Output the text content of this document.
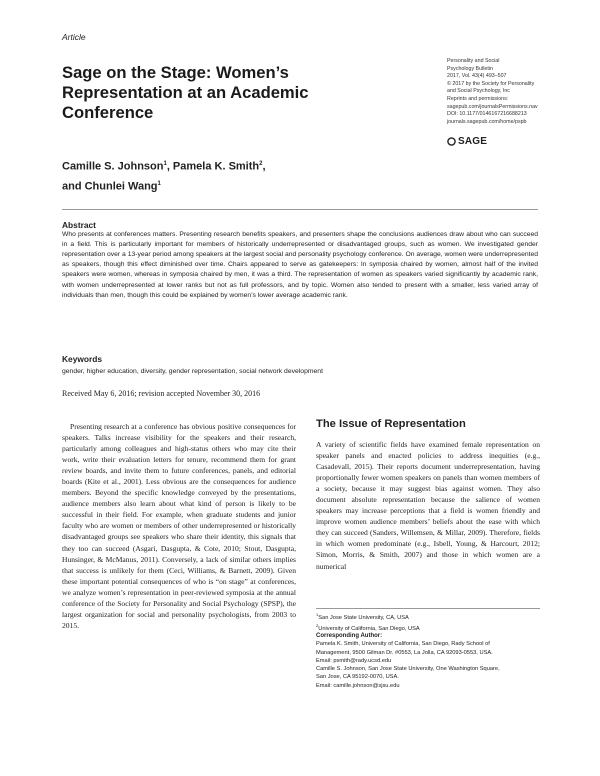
Article
Sage on the Stage: Women’s Representation at an Academic Conference
Personality and Social
Psychology Bulletin
2017, Vol. 43(4) 493–507
© 2017 by the Society for Personality
and Social Psychology, Inc
Reprints and permissions:
sagepub.com/journalsPermissions.nav
DOI: 10.1177/0146167216688213
journals.sagepub.com/home/pspb
SAGE
Camille S. Johnson$^1$, Pamela K. Smith$^2$,
and Chunlei Wang$^1$
Abstract
Who presents at conferences matters. Presenting research benefits speakers, and presenters shape the conclusions audiences draw about who can succeed in a field. This is particularly important for members of historically underrepresented or disadvantaged groups, such as women. We investigated gender representation over a 13-year period among speakers at the largest social and personality psychology conference. On average, women were underrepresented as speakers, though this effect diminished over time. Chairs appeared to serve as gatekeepers: In symposia chaired by women, almost half of the invited speakers were women, whereas in symposia chaired by men, it was a third. The representation of women as speakers varied significantly by academic rank, with women underrepresented at lower ranks but not as full professors, and by topic. Women also tended to present with a smaller, less varied array of individuals than men, though this could be explained by women’s lower average academic rank.
Keywords
gender, higher education, diversity, gender representation, social network development
Received May 6, 2016; revision accepted November 30, 2016

Presenting research at a conference has obvious positive consequences for speakers. Talks increase visibility for the speakers and their research, particularly among colleagues and high-status others who may cite their work, write their evaluation letters for tenure, recommend them for grant review boards, and invite them to future conferences, panels, and editorial boards (Kite et al., 2001). Less obvious are the consequences for audience members. Beyond the specific knowledge conveyed by the presentations, audience members also learn about what kind of person is likely to be successful in their field. For example, when graduate students and junior faculty who are women or members of other underrepresented or historically disadvantaged groups see speakers who share their identity, this signals that they too can succeed (Asgari, Dasgupta, & Cote, 2010; Stout, Dasgupta, Hunsinger, & McManus, 2011). Conversely, a lack of similar others implies that success is unlikely for them (Ceci, Williams, & Barnett, 2009). Given these important potential consequences of who is “on stage” at conferences, we analyze women’s representation in peer-reviewed symposia at the annual conference of the Society for Personality and Social Psychology (SPSP), the largest organization for social and personality psychologists, from 2003 to 2015.

The Issue of Representation

A variety of scientific fields have examined female representation on speaker panels and enacted policies to address inequities (e.g., Casadevall, 2015). Their reports document underrepresentation, having proportionally fewer women speakers on panels than women members of a society, because it may suggest bias against women. They also document absolute representation because the salience of women speakers may increase perceptions that a field is women friendly and improve women audience members’ beliefs about the ease with which they can succeed (Sanders, Willemsen, & Millar, 2009). Therefore, fields in which women predominate (e.g., Isbell, Young, & Harcourt, 2012; Simon, Morris, & Smith, 2007) and those in which women are a numerical

$^1$San Jose State University, CA, USA
$^2$University of California, San Diego, USA
Corresponding Author:
Pamela K. Smith, University of California, San Diego, Rady School of
Management, 9500 Gilman Dr. #0553, La Jolla, CA 92093-0553, USA.
Email: psmith@rady.ucsd.edu
Camille S. Johnson, San Jose State University, One Washington Square,
San Jose, CA 95192-0070, USA.
Email: camille.johnson@sjsu.edu
